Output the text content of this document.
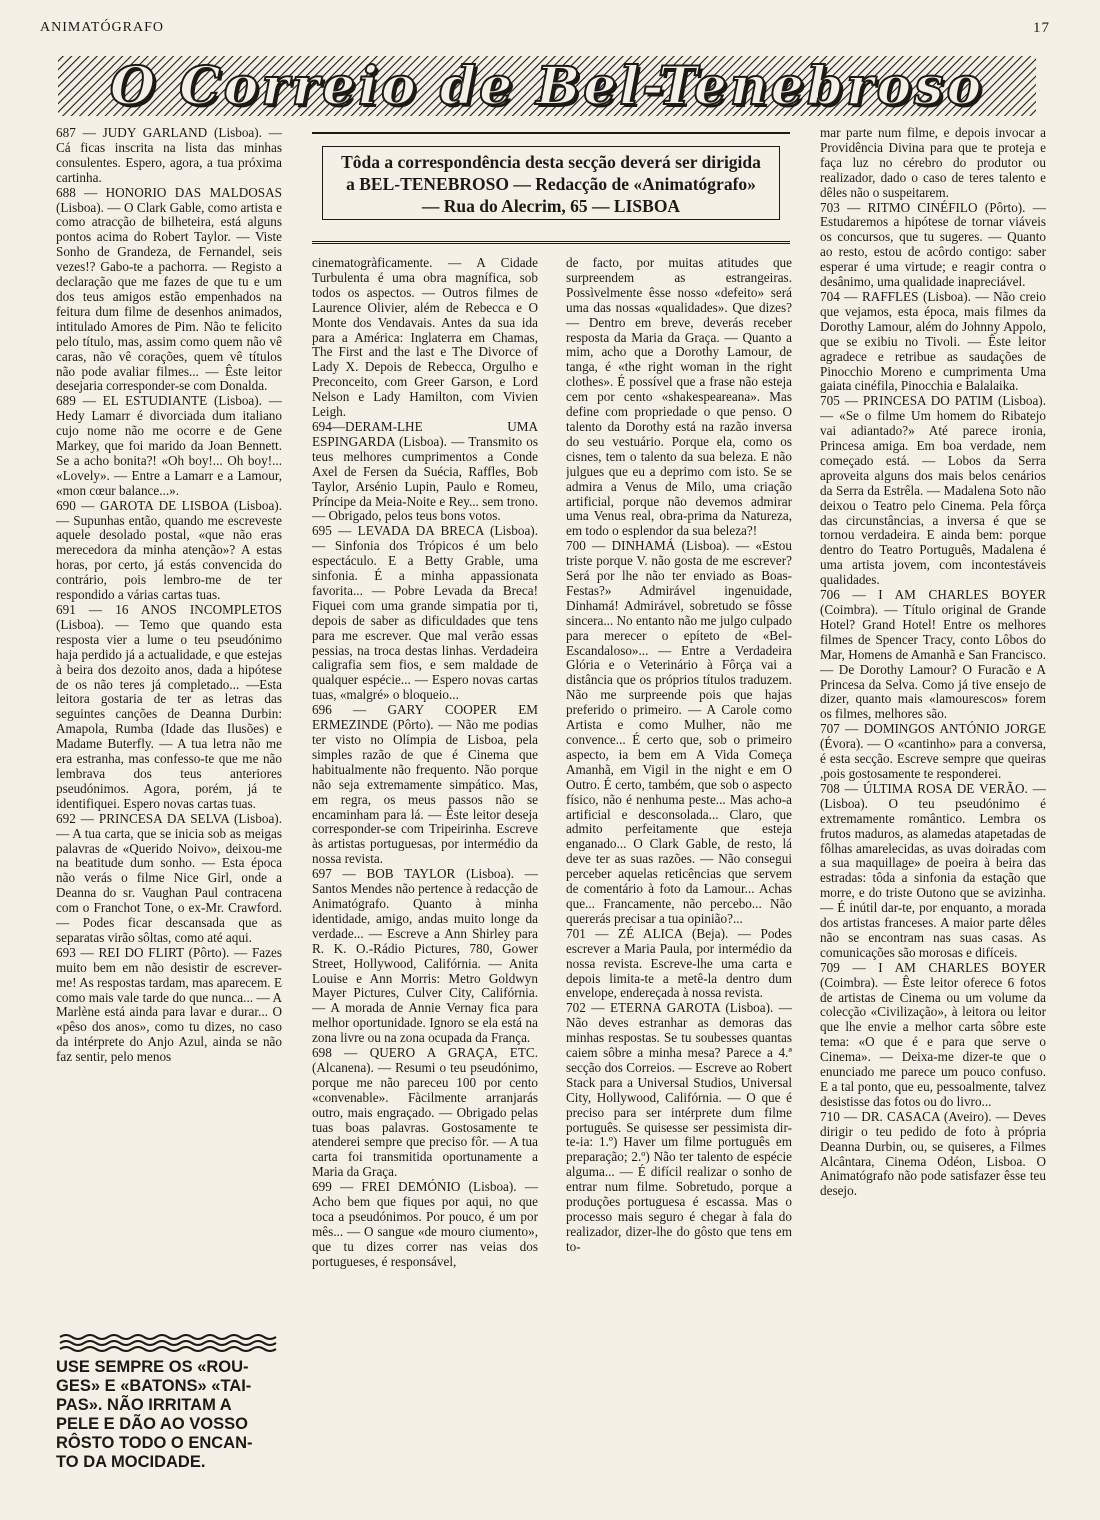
ANIMATÓGRAFO	17
O Correio de Bel-Tenebroso
Tôda a correspondência desta secção deverá ser dirigida
a BEL-TENEBROSO — Redacção de «Animatógrafo»
— Rua do Alecrim, 65 — LISBOA

687 — JUDY GARLAND (Lisboa). — Cá ficas inscrita na lista das minhas consulentes. Espero, agora, a tua próxima cartinha.

688 — HONORIO DAS MALDOSAS (Lisboa). — O Clark Gable, como artista e como atracção de bilheteira, está alguns pontos acima do Robert Taylor. — Viste Sonho de Grandeza, de Fernandel, seis vezes!? Gabo-te a pachorra. — Registo a declaração que me fazes de que tu e um dos teus amigos estão empenhados na feitura dum filme de desenhos animados, intitulado Amores de Pim. Não te felicito pelo título, mas, assim como quem não vê caras, não vê corações, quem vê títulos não pode avaliar filmes... — Êste leitor desejaria corresponder-se com Donalda.

689 — EL ESTUDIANTE (Lisboa). — Hedy Lamarr é divorciada dum italiano cujo nome não me ocorre e de Gene Markey, que foi marido da Joan Bennett. Se a acho bonita?! «Oh boy!... Oh boy!... «Lovely». — Entre a Lamarr e a Lamour, «mon cœur balance...».

690 — GAROTA DE LISBOA (Lisboa). — Supunhas então, quando me escreveste aquele desolado postal, «que não eras merecedora da minha atenção»? A estas horas, por certo, já estás convencida do contrário, pois lembro-me de ter respondido a várias cartas tuas.

691 — 16 ANOS INCOMPLETOS (Lisboa). — Temo que quando esta resposta vier a lume o teu pseudónimo haja perdido já a actualidade, e que estejas à beira dos dezoito anos, dada a hipótese de os não teres já completado... —Esta leitora gostaria de ter as letras das seguintes canções de Deanna Durbin: Amapola, Rumba (Idade das Ilusões) e Madame Buterfly. — A tua letra não me era estranha, mas confesso-te que me não lembrava dos teus anteriores pseudónimos. Agora, porém, já te identifiquei. Espero novas cartas tuas.

692 — PRINCESA DA SELVA (Lisboa). — A tua carta, que se inicia sob as meigas palavras de «Querido Noivo», deixou-me na beatitude dum sonho. — Esta época não verás o filme Nice Girl, onde a Deanna do sr. Vaughan Paul contracena com o Franchot Tone, o ex-Mr. Crawford. — Podes ficar descansada que as separatas virão sôltas, como até aqui.

693 — REI DO FLIRT (Pôrto). — Fazes muito bem em não desistir de escrever-me! As respostas tardam, mas aparecem. E como mais vale tarde do que nunca... — A Marlène está ainda para lavar e durar... O «pêso dos anos», como tu dizes, no caso da intérprete do Anjo Azul, ainda se não faz sentir, pelo menos

USE SEMPRE OS «ROU-
GES» E «BATONS» «TAI-
PAS». NÃO IRRITAM A
PELE E DÃO AO VOSSO
RÔSTO TODO O ENCAN-
TO DA MOCIDADE.

cinematogràficamente. — A Cidade Turbulenta é uma obra magnífica, sob todos os aspectos. — Outros filmes de Laurence Olivier, além de Rebecca e O Monte dos Vendavais. Antes da sua ida para a América: Inglaterra em Chamas, The First and the last e The Divorce of Lady X. Depois de Rebecca, Orgulho e Preconceito, com Greer Garson, e Lord Nelson e Lady Hamilton, com Vivien Leigh.

694—DERAM-LHE UMA ESPINGARDA (Lisboa). — Transmito os teus melhores cumprimentos a Conde Axel de Fersen da Suécia, Raffles, Bob Taylor, Arsénio Lupin, Paulo e Romeu, Príncipe da Meia-Noite e Rey... sem trono. — Obrigado, pelos teus bons votos.

695 — LEVADA DA BRECA (Lisboa). — Sinfonia dos Trópicos é um belo espectáculo. E a Betty Grable, uma sinfonia. É a minha appassionata favorita... — Pobre Levada da Breca! Fiquei com uma grande simpatia por ti, depois de saber as dificuldades que tens para me escrever. Que mal verão essas pessias, na troca destas linhas. Verdadeira caligrafia sem fios, e sem maldade de qualquer espécie... — Espero novas cartas tuas, «malgré» o bloqueio...

696 — GARY COOPER EM ERMEZINDE (Pôrto). — Não me podias ter visto no Olímpia de Lisboa, pela simples razão de que é Cinema que habitualmente não frequento. Não porque não seja extremamente simpático. Mas, em regra, os meus passos não se encaminham para lá. — Êste leitor deseja corresponder-se com Tripeirinha. Escreve às artistas portuguesas, por intermédio da nossa revista.

697 — BOB TAYLOR (Lisboa). — Santos Mendes não pertence à redacção de Animatógrafo. Quanto à minha identidade, amigo, andas muito longe da verdade... — Escreve a Ann Shirley para R. K. O.-Rádio Pictures, 780, Gower Street, Hollywood, Califórnia. — Anita Louise e Ann Morris: Metro Goldwyn Mayer Pictures, Culver City, Califórnia. — A morada de Annie Vernay fica para melhor oportunidade. Ignoro se ela está na zona livre ou na zona ocupada da França.

698 — QUERO A GRAÇA, ETC. (Alcanena). — Resumi o teu pseudónimo, porque me não pareceu 100 por cento «convenable». Fàcilmente arranjarás outro, mais engraçado. — Obrigado pelas tuas boas palavras. Gostosamente te atenderei sempre que preciso fôr. — A tua carta foi transmitida oportunamente a Maria da Graça.

699 — FREI DEMÓNIO (Lisboa). — Acho bem que fiques por aqui, no que toca a pseudónimos. Por pouco, é um por mês... — O sangue «de mouro ciumento», que tu dizes correr nas veias dos portugueses, é responsável,

de facto, por muitas atitudes que surpreendem as estrangeiras. Possìvelmente êsse nosso «defeito» será uma das nossas «qualidades». Que dizes? — Dentro em breve, deverás receber resposta da Maria da Graça. — Quanto a mim, acho que a Dorothy Lamour, de tanga, é «the right woman in the right clothes». É possível que a frase não esteja cem por cento «shakespeareana». Mas define com propriedade o que penso. O talento da Dorothy está na razão inversa do seu vestuário. Porque ela, como os cisnes, tem o talento da sua beleza. E não julgues que eu a deprimo com isto. Se se admira a Venus de Milo, uma criação artificial, porque não devemos admirar uma Venus real, obra-prima da Natureza, em todo o esplendor da sua beleza?!

700 — DINHAMÁ (Lisboa). — «Estou triste porque V. não gosta de me escrever? Será por lhe não ter enviado as Boas-Festas?» Admirável ingenuidade, Dinhamá! Admirável, sobretudo se fôsse sincera... No entanto não me julgo culpado para merecer o epíteto de «Bel-Escandaloso»... — Entre a Verdadeira Glória e o Veterinário à Fôrça vai a distância que os próprios títulos traduzem. Não me surpreende pois que hajas preferido o primeiro. — A Carole como Artista e como Mulher, não me convence... É certo que, sob o primeiro aspecto, ia bem em A Vida Começa Amanhã, em Vigil in the night e em O Outro. É certo, também, que sob o aspecto físico, não é nenhuma peste... Mas acho-a artificial e desconsolada... Claro, que admito perfeitamente que esteja enganado... O Clark Gable, de resto, lá deve ter as suas razões. — Não consegui perceber aquelas reticências que servem de comentário à foto da Lamour... Achas que... Francamente, não percebo... Não quererás precisar a tua opinião?...

701 — ZÉ ALICA (Beja). — Podes escrever a Maria Paula, por intermédio da nossa revista. Escreve-lhe uma carta e depois limita-te a metê-la dentro dum envelope, endereçada à nossa revista.

702 — ETERNA GAROTA (Lisboa). — Não deves estranhar as demoras das minhas respostas. Se tu soubesses quantas caiem sôbre a minha mesa? Parece a 4.ª secção dos Correios. — Escreve ao Robert Stack para a Universal Studios, Universal City, Hollywood, Califórnia. — O que é preciso para ser intérprete dum filme português. Se quisesse ser pessimista dir-te-ia: 1.º) Haver um filme português em preparação; 2.º) Não ter talento de espécie alguma... — É difícil realizar o sonho de entrar num filme. Sobretudo, porque a produções portuguesa é escassa. Mas o processo mais seguro é chegar à fala do realizador, dizer-lhe do gôsto que tens em to-

mar parte num filme, e depois invocar a Providência Divina para que te proteja e faça luz no cérebro do produtor ou realizador, dado o caso de teres talento e dêles não o suspeitarem.

703 — RITMO CINÉFILO (Pôrto). — Estudaremos a hipótese de tornar viáveis os concursos, que tu sugeres. — Quanto ao resto, estou de acôrdo contigo: saber esperar é uma virtude; e reagir contra o desânimo, uma qualidade inapreciável.

704 — RAFFLES (Lisboa). — Não creio que vejamos, esta época, mais filmes da Dorothy Lamour, além do Johnny Appolo, que se exibiu no Tivoli. — Êste leitor agradece e retribue as saudações de Pinocchio Moreno e cumprimenta Uma gaiata cinéfila, Pinocchia e Balalaika.

705 — PRINCESA DO PATIM (Lisboa). — «Se o filme Um homem do Ribatejo vai adiantado?» Até parece ironia, Princesa amiga. Em boa verdade, nem começado está. — Lobos da Serra aproveita alguns dos mais belos cenários da Serra da Estrêla. — Madalena Soto não deixou o Teatro pelo Cinema. Pela fôrça das circunstâncias, a inversa é que se tornou verdadeira. E ainda bem: porque dentro do Teatro Português, Madalena é uma artista jovem, com incontestáveis qualidades.

706 — I AM CHARLES BOYER (Coimbra). — Título original de Grande Hotel? Grand Hotel! Entre os melhores filmes de Spencer Tracy, conto Lôbos do Mar, Homens de Amanhã e San Francisco. — De Dorothy Lamour? O Furacão e A Princesa da Selva. Como já tive ensejo de dizer, quanto mais «lamourescos» forem os filmes, melhores são.

707 — DOMINGOS ANTÓNIO JORGE (Évora). — O «cantinho» para a conversa, é esta secção. Escreve sempre que queiras ,pois gostosamente te responderei.

708 — ÚLTIMA ROSA DE VERÃO. — (Lisboa). O teu pseudónimo é extremamente romântico. Lembra os frutos maduros, as alamedas atapetadas de fôlhas amarelecidas, as uvas doiradas com a sua maquillage» de poeira à beira das estradas: tôda a sinfonia da estação que morre, e do triste Outono que se avizinha. — É inútil dar-te, por enquanto, a morada dos artistas franceses. A maior parte dêles não se encontram nas suas casas. As comunicações são morosas e difíceis.

709 — I AM CHARLES BOYER (Coimbra). — Êste leitor oferece 6 fotos de artistas de Cinema ou um volume da colecção «Civilização», à leitora ou leitor que lhe envie a melhor carta sôbre este tema: «O que é e para que serve o Cinema». — Deixa-me dizer-te que o enunciado me parece um pouco confuso. E a tal ponto, que eu, pessoalmente, talvez desistisse das fotos ou do livro...

710 — DR. CASACA (Aveiro). — Deves dirigir o teu pedido de foto à própria Deanna Durbin, ou, se quiseres, a Filmes Alcântara, Cinema Odéon, Lisboa. O Animatógrafo não pode satisfazer êsse teu desejo.
